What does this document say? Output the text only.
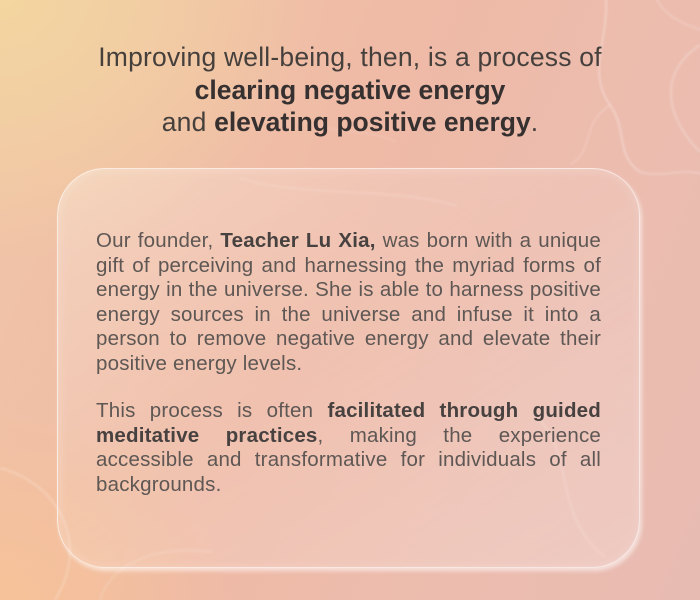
Improving well-being, then, is a process of
clearing negative energy
and elevating positive energy.

Our founder, Teacher Lu Xia, was born with a unique gift of perceiving and harnessing the myriad forms of energy in the universe. She is able to harness positive energy sources in the universe and infuse it into a person to remove negative energy and elevate their positive energy levels.

This process is often facilitated through guided meditative practices, making the experience accessible and transformative for individuals of all backgrounds.
